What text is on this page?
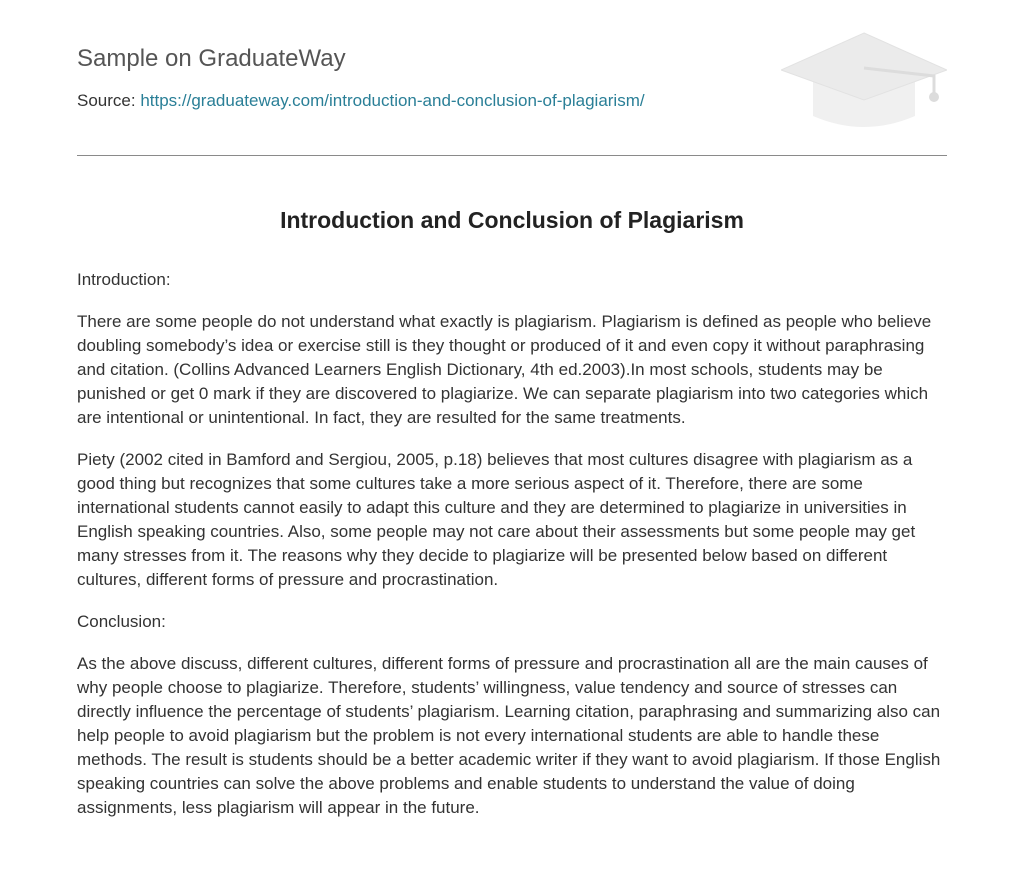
Sample on GraduateWay
Source: https://graduateway.com/introduction-and-conclusion-of-plagiarism/
Introduction and Conclusion of Plagiarism

Introduction:

There are some people do not understand what exactly is plagiarism. Plagiarism is defined as people who believe doubling somebody’s idea or exercise still is they thought or produced of it and even copy it without paraphrasing and citation. (Collins Advanced Learners English Dictionary, 4th ed.2003).In most schools, students may be punished or get 0 mark if they are discovered to plagiarize. We can separate plagiarism into two categories which are intentional or unintentional. In fact, they are resulted for the same treatments.

Piety (2002 cited in Bamford and Sergiou, 2005, p.18) believes that most cultures disagree with plagiarism as a good thing but recognizes that some cultures take a more serious aspect of it. Therefore, there are some international students cannot easily to adapt this culture and they are determined to plagiarize in universities in English speaking countries. Also, some people may not care about their assessments but some people may get many stresses from it. The reasons why they decide to plagiarize will be presented below based on different cultures, different forms of pressure and procrastination.

Conclusion:

As the above discuss, different cultures, different forms of pressure and procrastination all are the main causes of why people choose to plagiarize. Therefore, students’ willingness, value tendency and source of stresses can directly influence the percentage of students’ plagiarism. Learning citation, paraphrasing and summarizing also can help people to avoid plagiarism but the problem is not every international students are able to handle these methods. The result is students should be a better academic writer if they want to avoid plagiarism. If those English speaking countries can solve the above problems and enable students to understand the value of doing assignments, less plagiarism will appear in the future.
